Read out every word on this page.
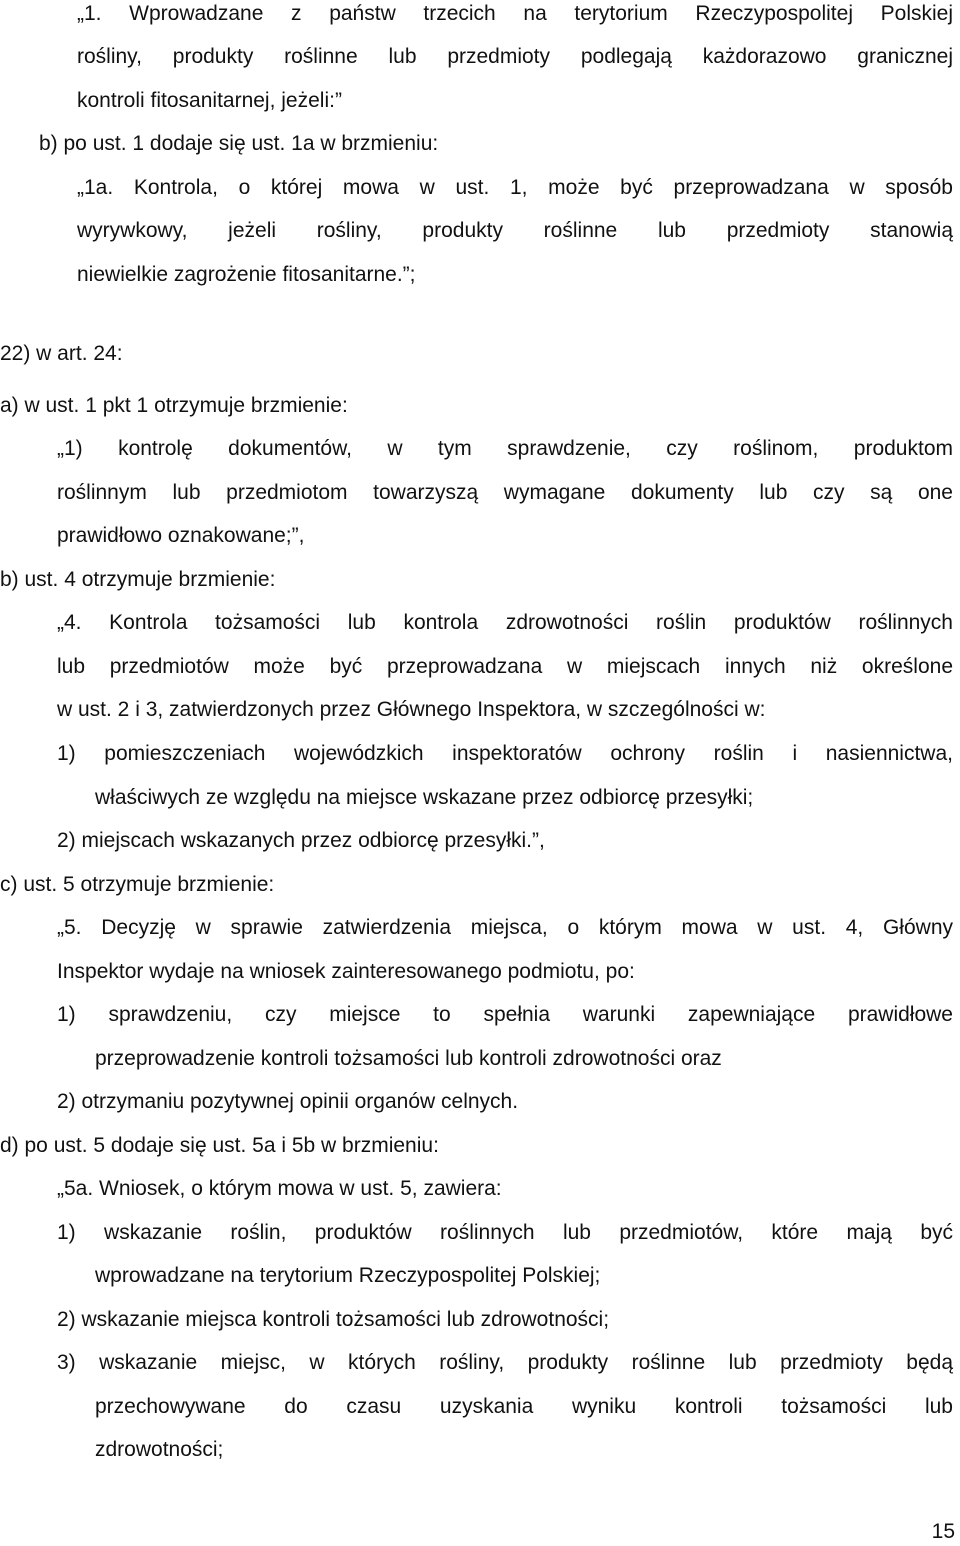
„1. Wprowadzane z państw trzecich na terytorium Rzeczypospolitej Polskiej
rośliny, produkty roślinne lub przedmioty podlegają każdorazowo granicznej
kontroli fitosanitarnej, jeżeli:”
b) po ust. 1 dodaje się ust. 1a w brzmieniu:
„1a. Kontrola, o której mowa w ust. 1, może być przeprowadzana w sposób
wyrywkowy, jeżeli rośliny, produkty roślinne lub przedmioty stanowią
niewielkie zagrożenie fitosanitarne.”;
22) w art. 24:
a) w ust. 1 pkt 1 otrzymuje brzmienie:
„1) kontrolę dokumentów, w tym sprawdzenie, czy roślinom, produktom
roślinnym lub przedmiotom towarzyszą wymagane dokumenty lub czy są one
prawidłowo oznakowane;”,
b) ust. 4 otrzymuje brzmienie:
„4. Kontrola tożsamości lub kontrola zdrowotności roślin produktów roślinnych
lub przedmiotów może być przeprowadzana w miejscach innych niż określone
w ust. 2 i 3, zatwierdzonych przez Głównego Inspektora, w szczególności w:
1) pomieszczeniach wojewódzkich inspektoratów ochrony roślin i nasiennictwa,
właściwych ze względu na miejsce wskazane przez odbiorcę przesyłki;
2) miejscach wskazanych przez odbiorcę przesyłki.”,
c) ust. 5 otrzymuje brzmienie:
„5. Decyzję w sprawie zatwierdzenia miejsca, o którym mowa w ust. 4, Główny
Inspektor wydaje na wniosek zainteresowanego podmiotu, po:
1) sprawdzeniu, czy miejsce to spełnia warunki zapewniające prawidłowe
przeprowadzenie kontroli tożsamości lub kontroli zdrowotności oraz
2) otrzymaniu pozytywnej opinii organów celnych.
d) po ust. 5 dodaje się ust. 5a i 5b w brzmieniu:
„5a. Wniosek, o którym mowa w ust. 5, zawiera:
1) wskazanie roślin, produktów roślinnych lub przedmiotów, które mają być
wprowadzane na terytorium Rzeczypospolitej Polskiej;
2) wskazanie miejsca kontroli tożsamości lub zdrowotności;
3) wskazanie miejsc, w których rośliny, produkty roślinne lub przedmioty będą
przechowywane do czasu uzyskania wyniku kontroli tożsamości lub
zdrowotności;
15
